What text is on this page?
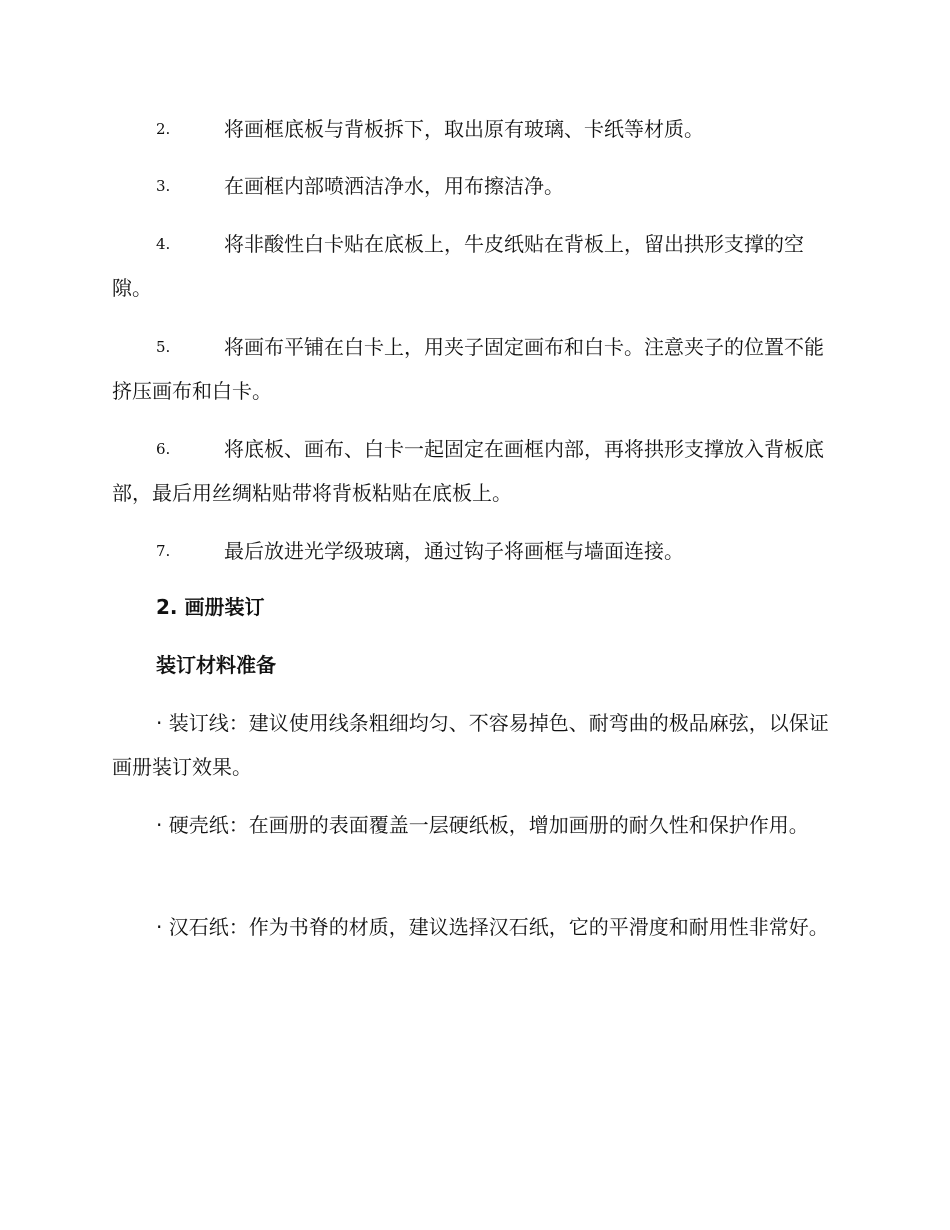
2.	将画框底板与背板拆下，取出原有玻璃、卡纸等材质。
3.	在画框内部喷洒洁净水，用布擦洁净。
4.	将非酸性白卡贴在底板上，牛皮纸贴在背板上，留出拱形支撑的空隙。
5.	将画布平铺在白卡上，用夹子固定画布和白卡。注意夹子的位置不能挤压画布和白卡。
6.	将底板、画布、白卡一起固定在画框内部，再将拱形支撑放入背板底部，最后用丝绸粘贴带将背板粘贴在底板上。
7.	最后放进光学级玻璃，通过钩子将画框与墙面连接。
2. 画册装订
装订材料准备
· 装订线：建议使用线条粗细均匀、不容易掉色、耐弯曲的极品麻弦，以保证画册装订效果。
· 硬壳纸：在画册的表面覆盖一层硬纸板，增加画册的耐久性和保护作用。
· 汉石纸：作为书脊的材质，建议选择汉石纸，它的平滑度和耐用性非常好。
